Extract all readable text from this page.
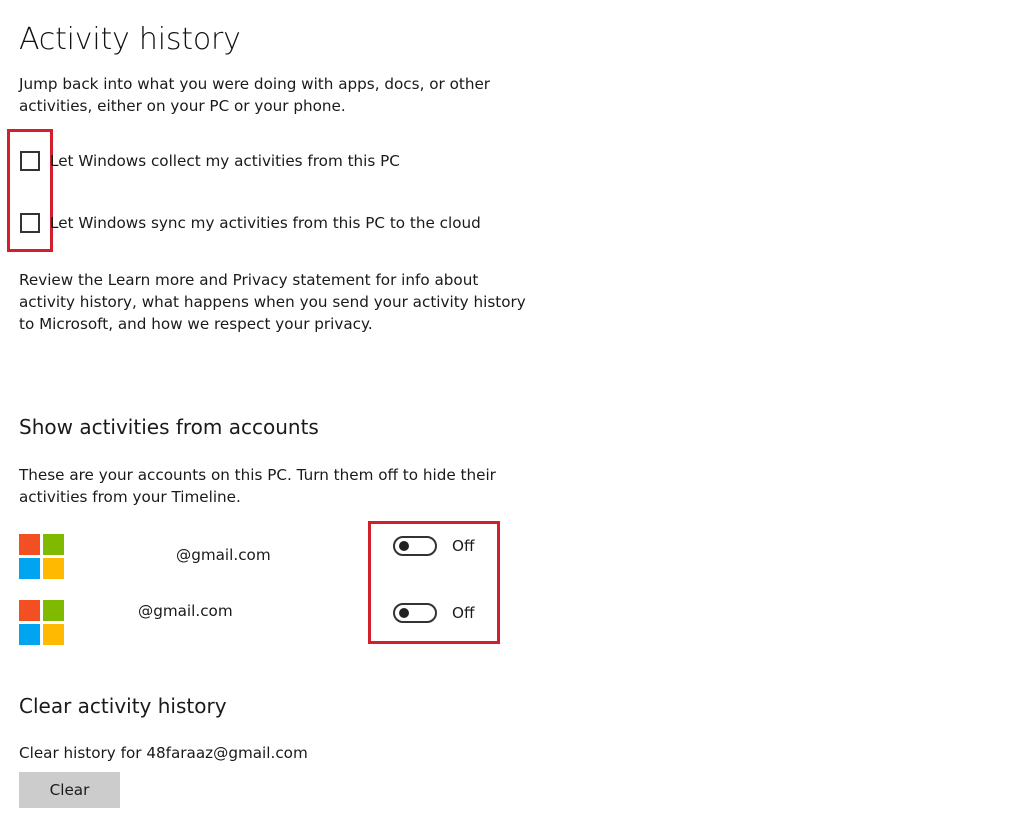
Activity history
Jump back into what you were doing with apps, docs, or other activities, either on your PC or your phone.
Let Windows collect my activities from this PC
Let Windows sync my activities from this PC to the cloud
Review the Learn more and Privacy statement for info about activity history, what happens when you send your activity history to Microsoft, and how we respect your privacy.
Show activities from accounts
These are your accounts on this PC. Turn them off to hide their activities from your Timeline.
@gmail.com
@gmail.com
Off
Off
Clear activity history
Clear history for 48faraaz@gmail.com
Clear
